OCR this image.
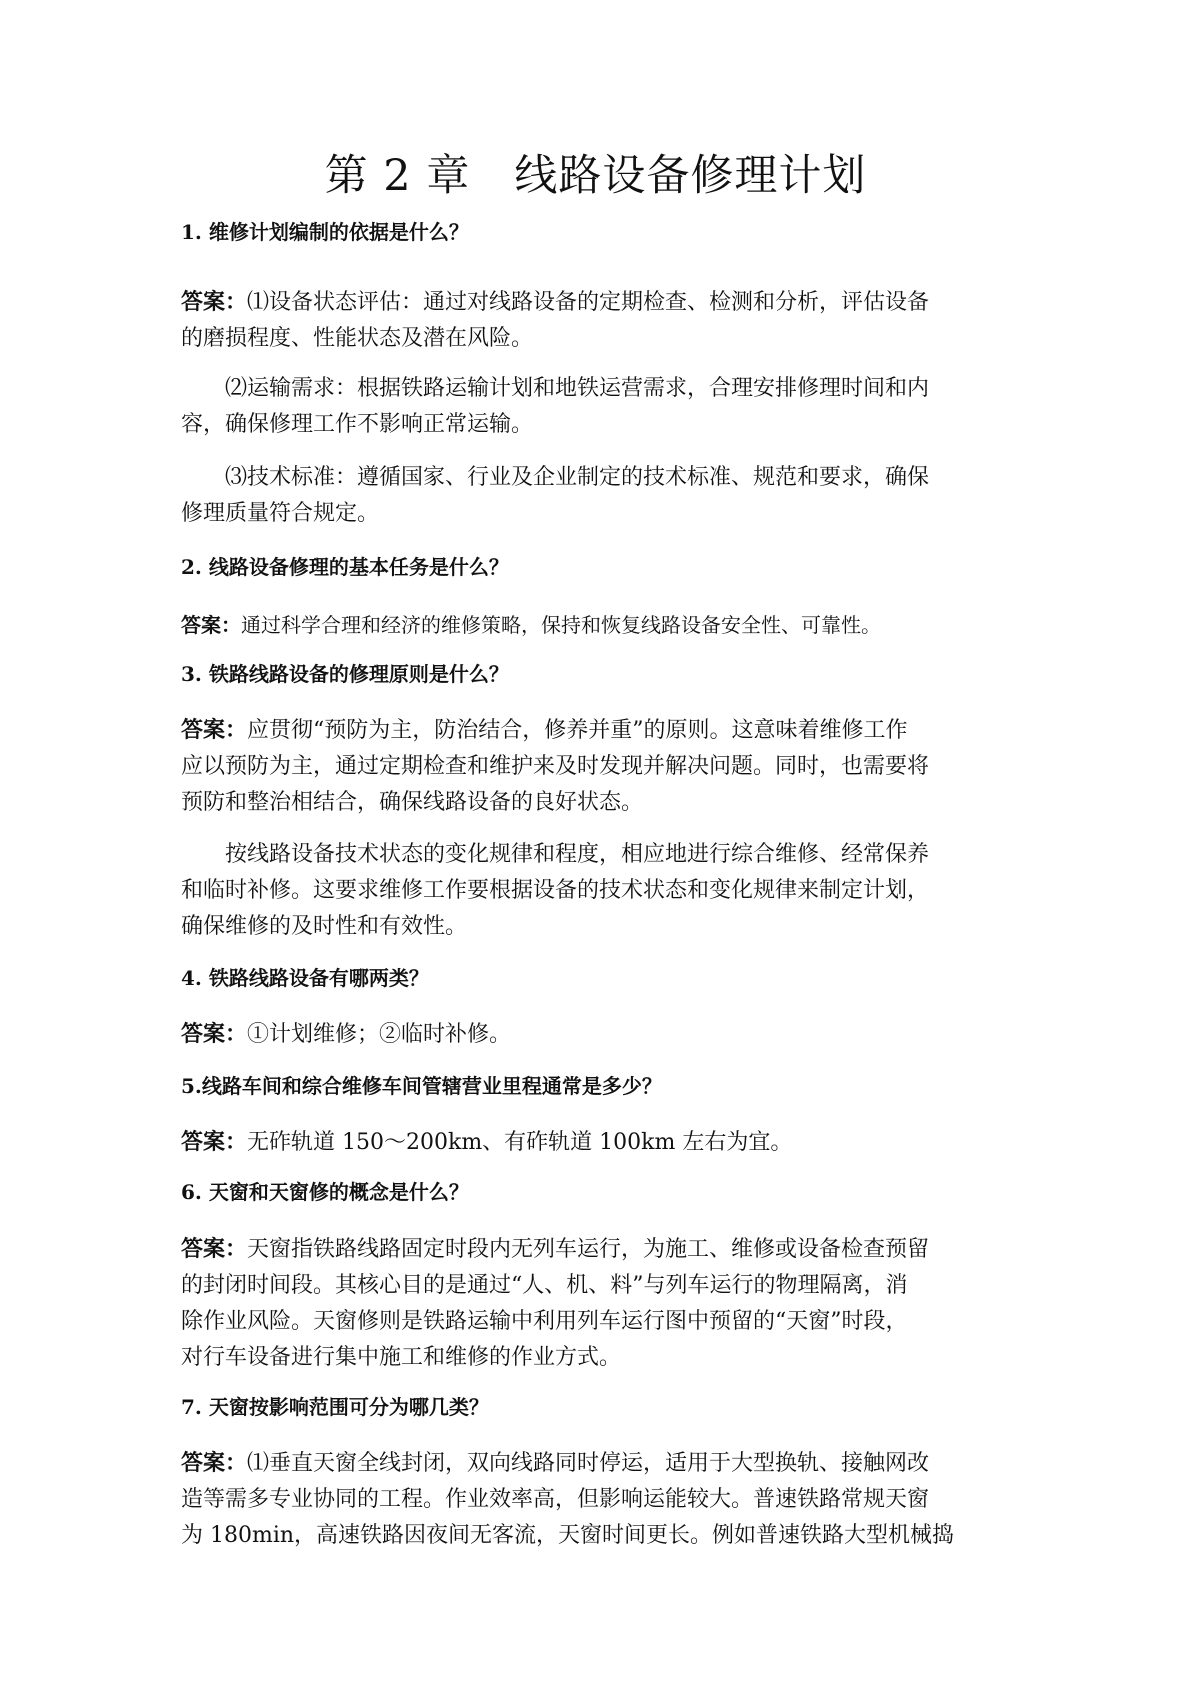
第 2 章　线路设备修理计划
1. 维修计划编制的依据是什么？
答案：⑴设备状态评估：通过对线路设备的定期检查、检测和分析，评估设备
的磨损程度、性能状态及潜在风险。
⑵运输需求：根据铁路运输计划和地铁运营需求，合理安排修理时间和内
容，确保修理工作不影响正常运输。
⑶技术标准：遵循国家、行业及企业制定的技术标准、规范和要求，确保
修理质量符合规定。
2. 线路设备修理的基本任务是什么？
答案：通过科学合理和经济的维修策略，保持和恢复线路设备安全性、可靠性。
3. 铁路线路设备的修理原则是什么？
答案：应贯彻“预防为主，防治结合，修养并重”的原则。这意味着维修工作
应以预防为主，通过定期检查和维护来及时发现并解决问题。同时，也需要将
预防和整治相结合，确保线路设备的良好状态。
按线路设备技术状态的变化规律和程度，相应地进行综合维修、经常保养
和临时补修。这要求维修工作要根据设备的技术状态和变化规律来制定计划，
确保维修的及时性和有效性。
4. 铁路线路设备有哪两类？
答案：①计划维修；②临时补修。
5.线路车间和综合维修车间管辖营业里程通常是多少？
答案：无砟轨道 150～200km、有砟轨道 100km 左右为宜。
6. 天窗和天窗修的概念是什么？
答案：天窗指铁路线路固定时段内无列车运行，为施工、维修或设备检查预留
的封闭时间段。其核心目的是通过“人、机、料”与列车运行的物理隔离，消
除作业风险。天窗修则是铁路运输中利用列车运行图中预留的“天窗”时段，
对行车设备进行集中施工和维修的作业方式。
7. 天窗按影响范围可分为哪几类？
答案：⑴垂直天窗全线封闭，双向线路同时停运，适用于大型换轨、接触网改
造等需多专业协同的工程。作业效率高，但影响运能较大。普速铁路常规天窗
为 180min，高速铁路因夜间无客流，天窗时间更长。例如普速铁路大型机械捣
